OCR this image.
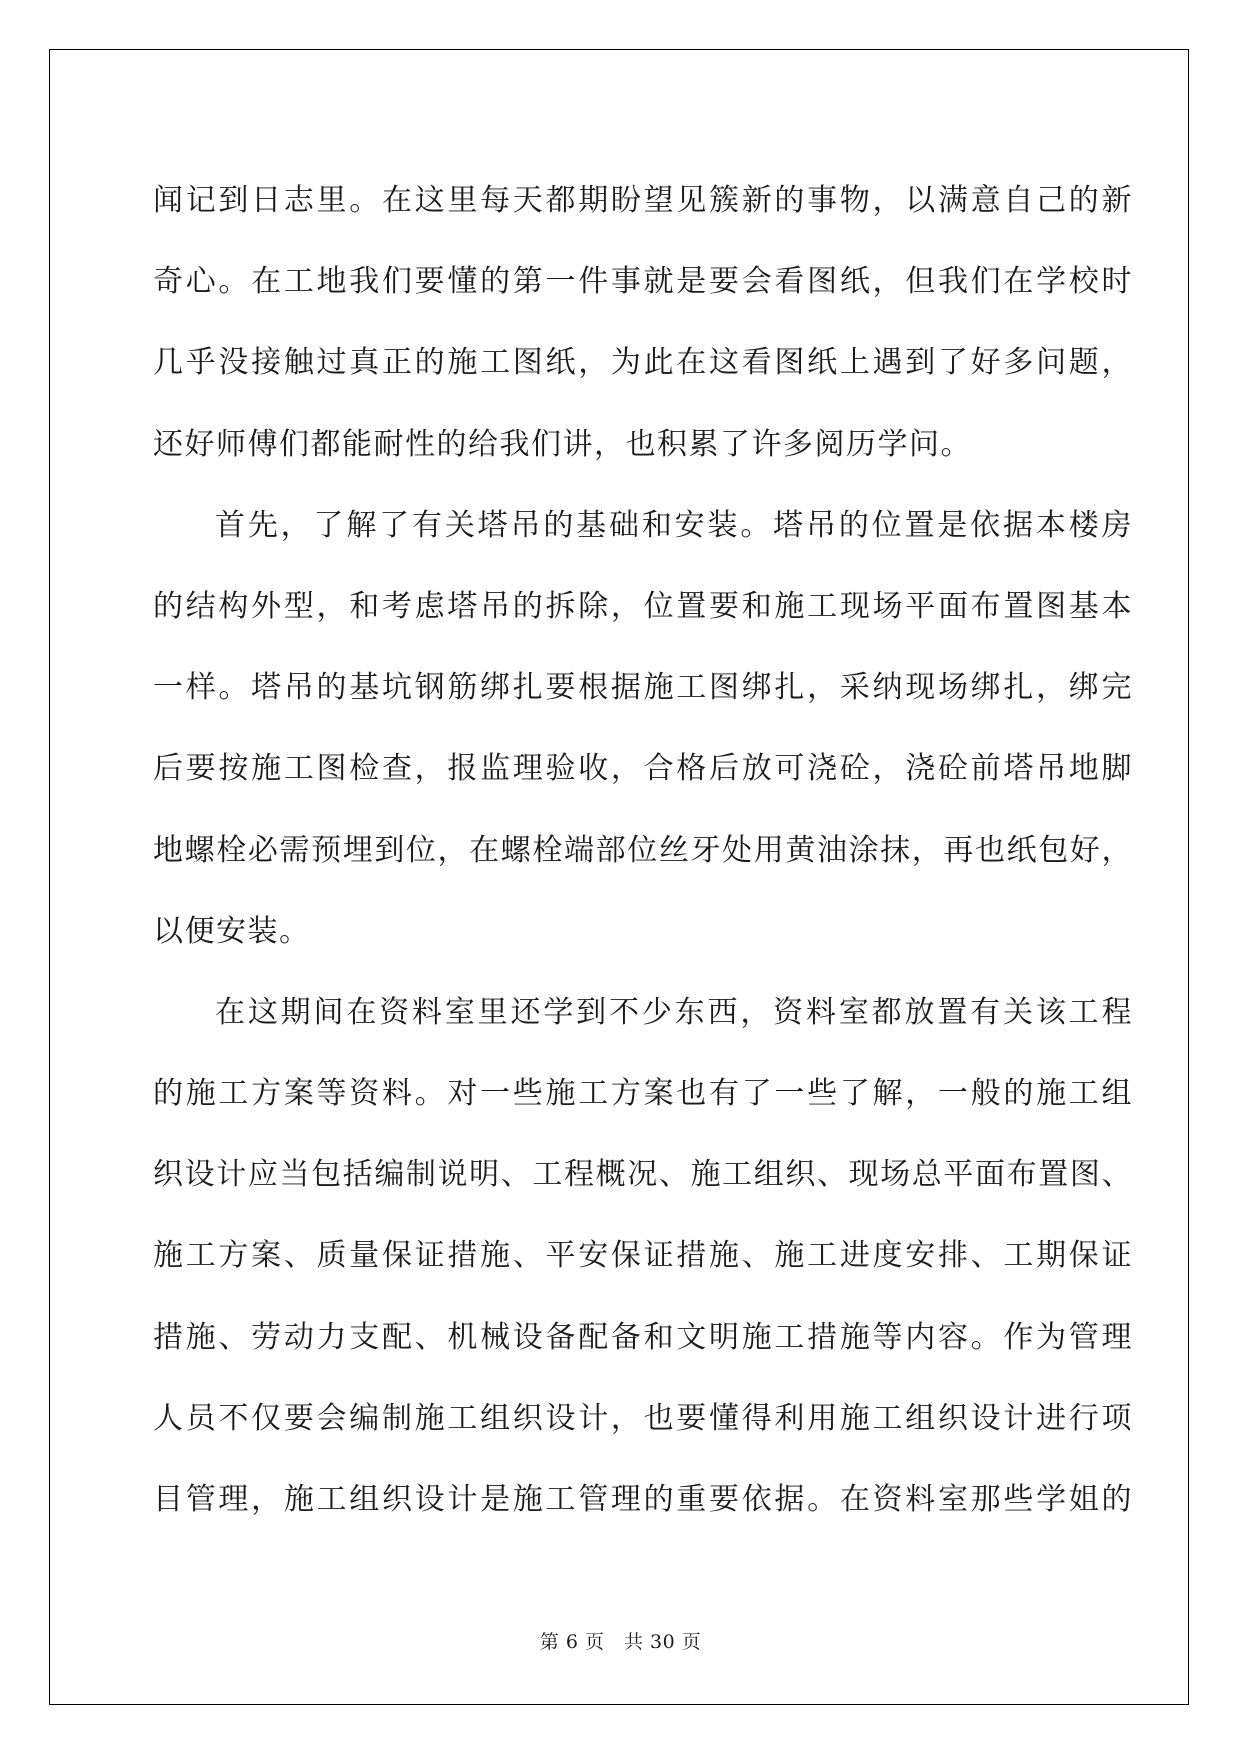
闻记到日志里。在这里每天都期盼望见簇新的事物，以满意自己的新
奇心。在工地我们要懂的第一件事就是要会看图纸，但我们在学校时
几乎没接触过真正的施工图纸，为此在这看图纸上遇到了好多问题，
还好师傅们都能耐性的给我们讲，也积累了许多阅历学问。
首先，了解了有关塔吊的基础和安装。塔吊的位置是依据本楼房
的结构外型，和考虑塔吊的拆除，位置要和施工现场平面布置图基本
一样。塔吊的基坑钢筋绑扎要根据施工图绑扎，采纳现场绑扎，绑完
后要按施工图检查，报监理验收，合格后放可浇砼，浇砼前塔吊地脚
地螺栓必需预埋到位，在螺栓端部位丝牙处用黄油涂抹，再也纸包好，
以便安装。
在这期间在资料室里还学到不少东西，资料室都放置有关该工程
的施工方案等资料。对一些施工方案也有了一些了解，一般的施工组
织设计应当包括编制说明、工程概况、施工组织、现场总平面布置图、
施工方案、质量保证措施、平安保证措施、施工进度安排、工期保证
措施、劳动力支配、机械设备配备和文明施工措施等内容。作为管理
人员不仅要会编制施工组织设计，也要懂得利用施工组织设计进行项
目管理，施工组织设计是施工管理的重要依据。在资料室那些学姐的
第 6 页　共 30 页
